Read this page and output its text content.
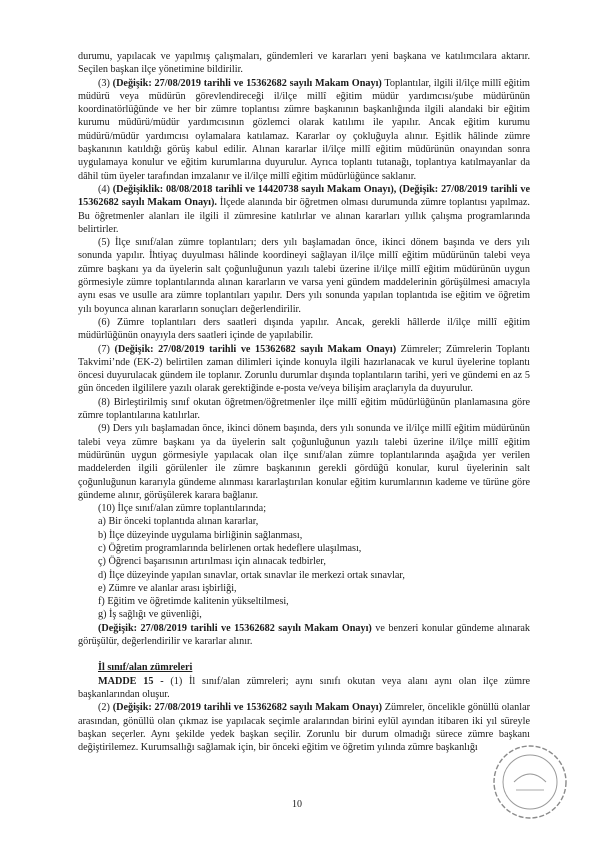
durumu, yapılacak ve yapılmış çalışmaları, gündemleri ve kararları yeni başkana ve katılımcılara aktarır. Seçilen başkan ilçe yönetimine bildirilir.

(3) (Değişik: 27/08/2019 tarihli ve 15362682 sayılı Makam Onayı) Toplantılar, ilgili il/ilçe millî eğitim müdürü veya müdürün görevlendireceği il/ilçe millî eğitim müdür yardımcısı/şube müdürünün koordinatörlüğünde ve her bir zümre toplantısı zümre başkanının başkanlığında ilgili alandaki bir eğitim kurumu müdürü/müdür yardımcısının gözlemci olarak katılımı ile yapılır. Ancak eğitim kurumu müdürü/müdür yardımcısı oylamalara katılamaz. Kararlar oy çokluğuyla alınır. Eşitlik hâlinde zümre başkanının katıldığı görüş kabul edilir. Alınan kararlar il/ilçe millî eğitim müdürünün onayından sonra uygulamaya konulur ve eğitim kurumlarına duyurulur. Ayrıca toplantı tutanağı, toplantıya katılmayanlar da dâhil tüm üyeler tarafından imzalanır ve il/ilçe millî eğitim müdürlüğünce saklanır.

(4) (Değişiklik: 08/08/2018 tarihli ve 14420738 sayılı Makam Onayı), (Değişik: 27/08/2019 tarihli ve 15362682 sayılı Makam Onayı). İlçede alanında bir öğretmen olması durumunda zümre toplantısı yapılmaz. Bu öğretmenler alanları ile ilgili il zümresine katılırlar ve alınan kararları yıllık çalışma programlarında belirtirler.

(5) İlçe sınıf/alan zümre toplantıları; ders yılı başlamadan önce, ikinci dönem başında ve ders yılı sonunda yapılır. İhtiyaç duyulması hâlinde koordineyi sağlayan il/ilçe millî eğitim müdürünün talebi veya zümre başkanı ya da üyelerin salt çoğunluğunun yazılı talebi üzerine il/ilçe millî eğitim müdürünün uygun görmesiyle zümre toplantılarında alınan kararların ve varsa yeni gündem maddelerinin görüşülmesi amacıyla aynı esas ve usulle ara zümre toplantıları yapılır. Ders yılı sonunda yapılan toplantıda ise eğitim ve öğretim yılı boyunca alınan kararların sonuçları değerlendirilir.

(6) Zümre toplantıları ders saatleri dışında yapılır. Ancak, gerekli hâllerde il/ilçe millî eğitim müdürlüğünün onayıyla ders saatleri içinde de yapılabilir.

(7) (Değişik: 27/08/2019 tarihli ve 15362682 sayılı Makam Onayı) Zümreler; Zümrelerin Toplantı Takvimi’nde (EK-2) belirtilen zaman dilimleri içinde konuyla ilgili hazırlanacak ve kurul üyelerine toplantı öncesi duyurulacak gündem ile toplanır. Zorunlu durumlar dışında toplantıların tarihi, yeri ve gündemi en az 5 gün önceden ilgililere yazılı olarak gerektiğinde e-posta ve/veya bilişim araçlarıyla da duyurulur.

(8) Birleştirilmiş sınıf okutan öğretmen/öğretmenler ilçe millî eğitim müdürlüğünün planlamasına göre zümre toplantılarına katılırlar.

(9) Ders yılı başlamadan önce, ikinci dönem başında, ders yılı sonunda ve il/ilçe millî eğitim müdürünün talebi veya zümre başkanı ya da üyelerin salt çoğunluğunun yazılı talebi üzerine il/ilçe millî eğitim müdürünün uygun görmesiyle yapılacak olan ilçe sınıf/alan zümre toplantılarında aşağıda yer verilen maddelerden ilgili görülenler ile zümre başkanının gerekli gördüğü konular, kurul üyelerinin salt çoğunluğunun kararıyla gündeme alınması kararlaştırılan konular eğitim kurumlarının kademe ve türüne göre gündeme alınır, görüşülerek karara bağlanır.

(10) İlçe sınıf/alan zümre toplantılarında;

a) Bir önceki toplantıda alınan kararlar,

b) İlçe düzeyinde uygulama birliğinin sağlanması,

c) Öğretim programlarında belirlenen ortak hedeflere ulaşılması,

ç) Öğrenci başarısının artırılması için alınacak tedbirler,

d) İlçe düzeyinde yapılan sınavlar, ortak sınavlar ile merkezi ortak sınavlar,

e) Zümre ve alanlar arası işbirliği,

f) Eğitim ve öğretimde kalitenin yükseltilmesi,

g) İş sağlığı ve güvenliği,

(Değişik: 27/08/2019 tarihli ve 15362682 sayılı Makam Onayı) ve benzeri konular gündeme alınarak görüşülür, değerlendirilir ve kararlar alınır.

İl sınıf/alan zümreleri

MADDE 15 - (1) İl sınıf/alan zümreleri; aynı sınıfı okutan veya alanı aynı olan ilçe zümre başkanlarından oluşur.

(2) (Değişik: 27/08/2019 tarihli ve 15362682 sayılı Makam Onayı) Zümreler, öncelikle gönüllü olanlar arasından, gönüllü olan çıkmaz ise yapılacak seçimle aralarından birini eylül ayından itibaren iki yıl süreyle başkan seçerler. Aynı şekilde yedek başkan seçilir. Zorunlu bir durum olmadığı sürece zümre başkanı değiştirilemez. Kurumsallığı sağlamak için, bir önceki eğitim ve öğretim yılında zümre başkanlığı

10
